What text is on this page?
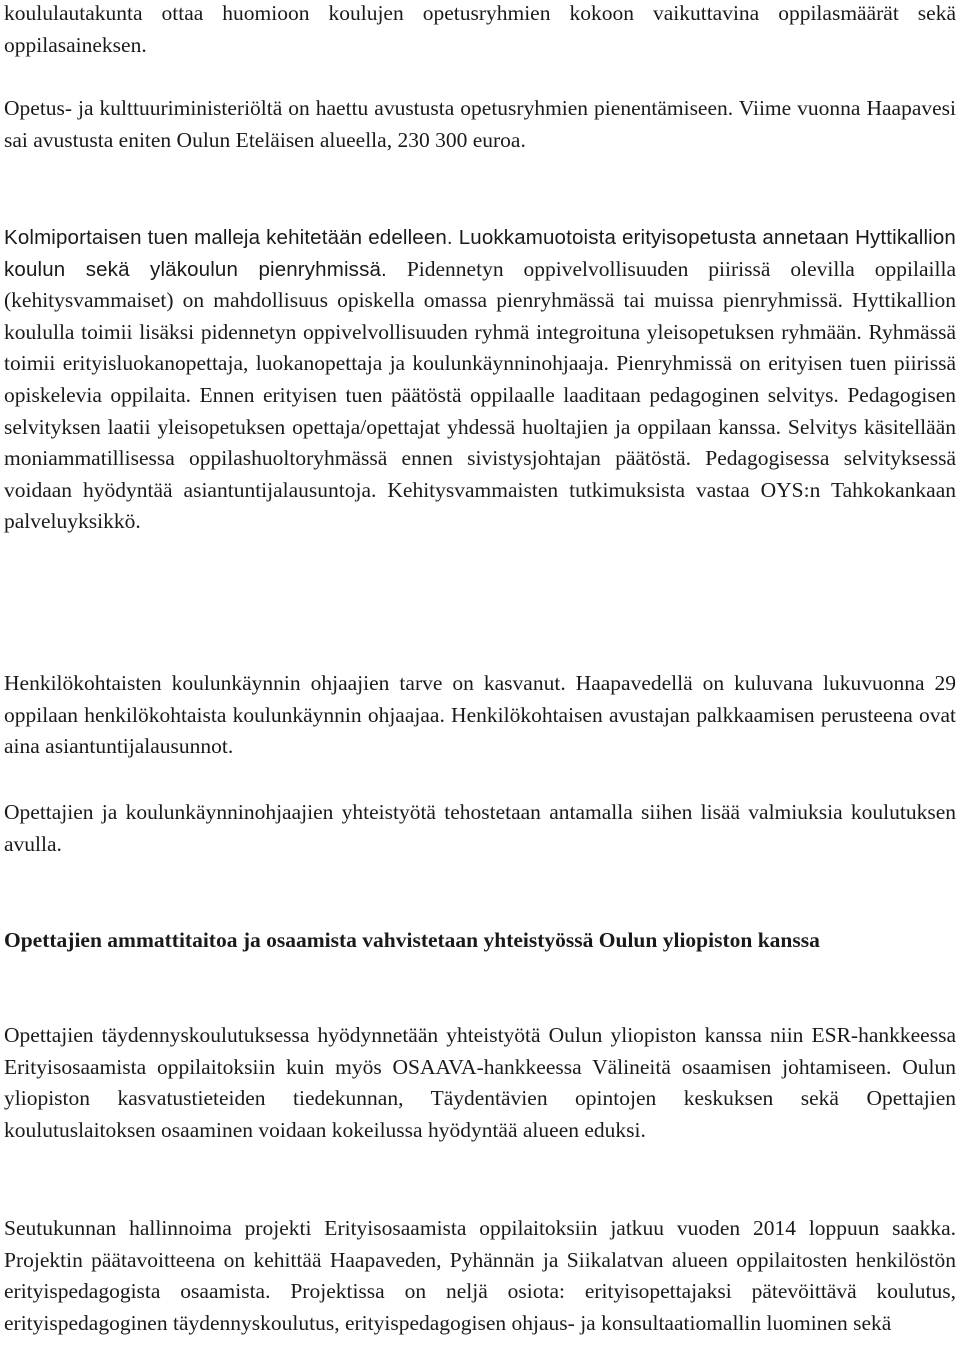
koululautakunta ottaa huomioon koulujen opetusryhmien kokoon vaikuttavina oppilasmäärät sekä oppilasaineksen.

Opetus- ja kulttuuriministeriöltä on haettu avustusta opetusryhmien pienentämiseen. Viime vuonna Haapavesi sai avustusta eniten Oulun Eteläisen alueella, 230 300 euroa.

Kolmiportaisen tuen malleja kehitetään edelleen. Luokkamuotoista erityisopetusta annetaan Hyttikallion koulun sekä yläkoulun pienryhmissä. Pidennetyn oppivelvollisuuden piirissä olevilla oppilailla (kehitysvammaiset) on mahdollisuus opiskella omassa pienryhmässä tai muissa pienryhmissä. Hyttikallion koululla toimii lisäksi pidennetyn oppivelvollisuuden ryhmä integroituna yleisopetuksen ryhmään. Ryhmässä toimii erityisluokanopettaja, luokanopettaja ja koulunkäynninohjaaja. Pienryhmissä on erityisen tuen piirissä opiskelevia oppilaita. Ennen erityisen tuen päätöstä oppilaalle laaditaan pedagoginen selvitys. Pedagogisen selvityksen laatii yleisopetuksen opettaja/opettajat yhdessä huoltajien ja oppilaan kanssa. Selvitys käsitellään moniammatillisessa oppilashuoltoryhmässä ennen sivistysjohtajan päätöstä. Pedagogisessa selvityksessä voidaan hyödyntää asiantuntijalausuntoja. Kehitysvammaisten tutkimuksista vastaa OYS:n Tahkokankaan palveluyksikkö.

Henkilökohtaisten koulunkäynnin ohjaajien tarve on kasvanut. Haapavedellä on kuluvana lukuvuonna 29 oppilaan henkilökohtaista koulunkäynnin ohjaajaa. Henkilökohtaisen avustajan palkkaamisen perusteena ovat aina asiantuntijalausunnot.

Opettajien ja koulunkäynninohjaajien yhteistyötä tehostetaan antamalla siihen lisää valmiuksia koulutuksen avulla.

Opettajien ammattitaitoa ja osaamista vahvistetaan yhteistyössä Oulun yliopiston kanssa

Opettajien täydennyskoulutuksessa hyödynnetään yhteistyötä Oulun yliopiston kanssa niin ESR-hankkeessa Erityisosaamista oppilaitoksiin kuin myös OSAAVA-hankkeessa Välineitä osaamisen johtamiseen. Oulun yliopiston kasvatustieteiden tiedekunnan, Täydentävien opintojen keskuksen sekä Opettajien koulutuslaitoksen osaaminen voidaan kokeilussa hyödyntää alueen eduksi.

Seutukunnan hallinnoima projekti Erityisosaamista oppilaitoksiin jatkuu vuoden 2014 loppuun saakka. Projektin päätavoitteena on kehittää Haapaveden, Pyhännän ja Siikalatvan alueen oppilaitosten henkilöstön erityispedagogista osaamista. Projektissa on neljä osiota: erityisopettajaksi pätevöittävä koulutus, erityispedagoginen täydennyskoulutus, erityispedagogisen ohjaus- ja konsultaatiomallin luominen sekä
